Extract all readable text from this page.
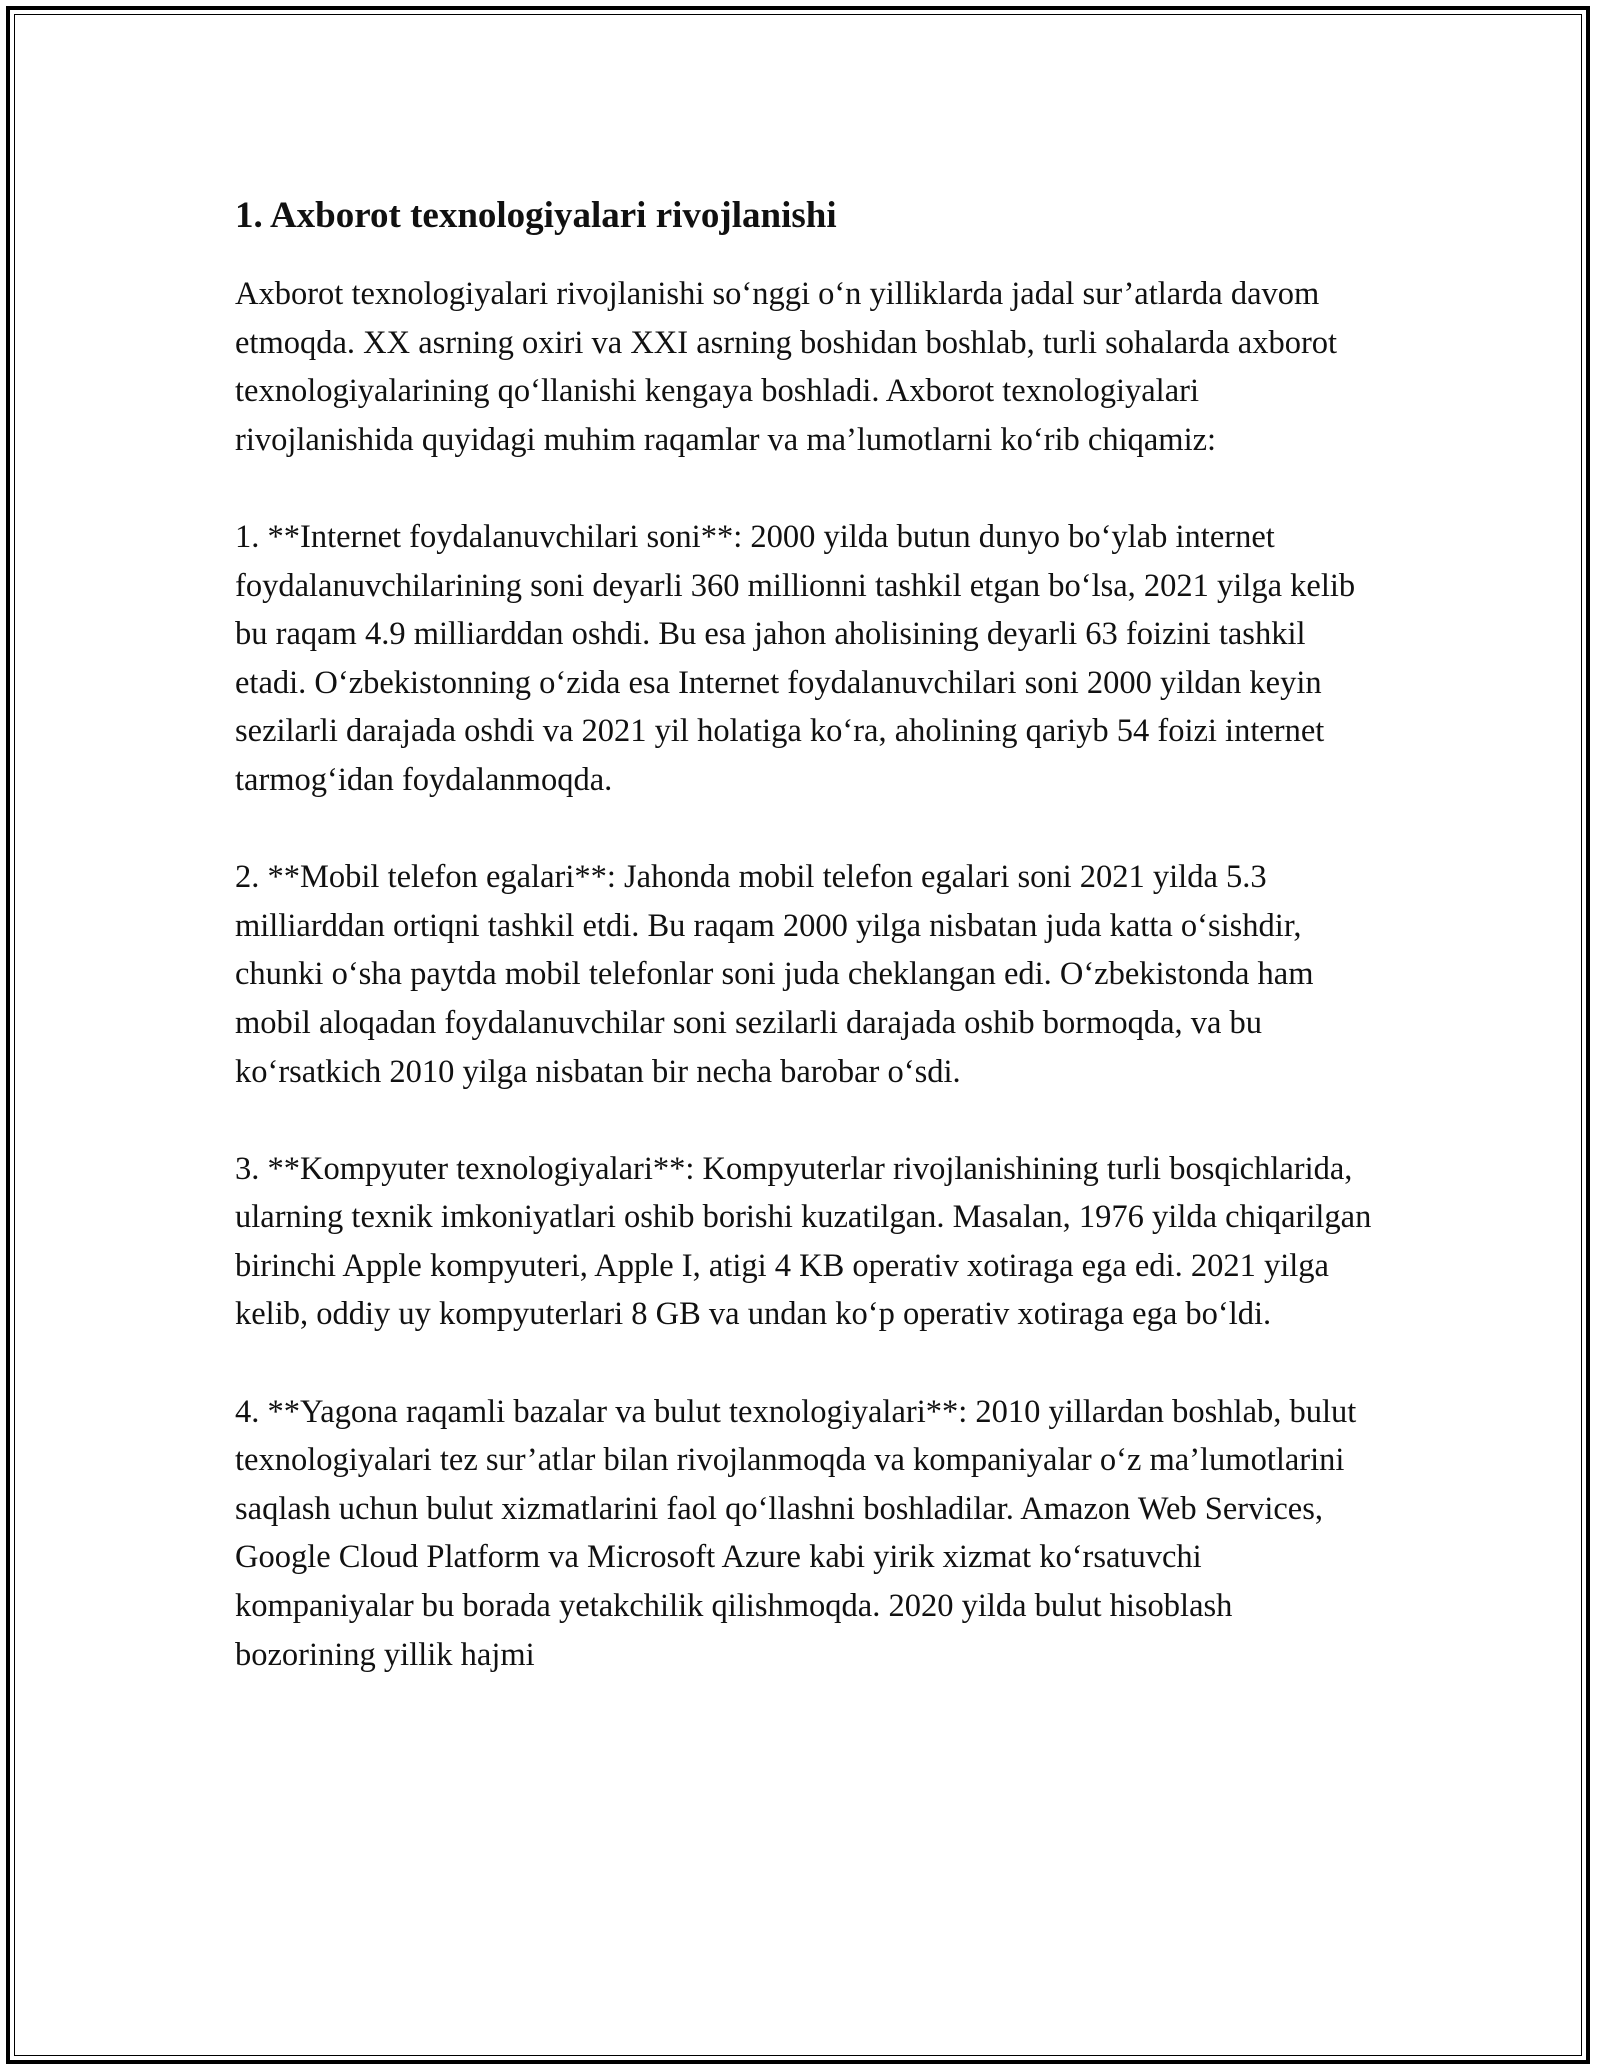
1. Axborot texnologiyalari rivojlanishi

Axborot texnologiyalari rivojlanishi so‘nggi o‘n yilliklarda jadal sur’atlarda davom etmoqda. XX asrning oxiri va XXI asrning boshidan boshlab, turli sohalarda axborot texnologiyalarining qo‘llanishi kengaya boshladi. Axborot texnologiyalari rivojlanishida quyidagi muhim raqamlar va ma’lumotlarni ko‘rib chiqamiz:

1. **Internet foydalanuvchilari soni**: 2000 yilda butun dunyo bo‘ylab internet foydalanuvchilarining soni deyarli 360 millionni tashkil etgan bo‘lsa, 2021 yilga kelib bu raqam 4.9 milliarddan oshdi. Bu esa jahon aholisining deyarli 63 foizini tashkil etadi. O‘zbekistonning o‘zida esa Internet foydalanuvchilari soni 2000 yildan keyin sezilarli darajada oshdi va 2021 yil holatiga ko‘ra, aholining qariyb 54 foizi internet tarmog‘idan foydalanmoqda.

2. **Mobil telefon egalari**: Jahonda mobil telefon egalari soni 2021 yilda 5.3 milliarddan ortiqni tashkil etdi. Bu raqam 2000 yilga nisbatan juda katta o‘sishdir, chunki o‘sha paytda mobil telefonlar soni juda cheklangan edi. O‘zbekistonda ham mobil aloqadan foydalanuvchilar soni sezilarli darajada oshib bormoqda, va bu ko‘rsatkich 2010 yilga nisbatan bir necha barobar o‘sdi.

3. **Kompyuter texnologiyalari**: Kompyuterlar rivojlanishining turli bosqichlarida, ularning texnik imkoniyatlari oshib borishi kuzatilgan. Masalan, 1976 yilda chiqarilgan birinchi Apple kompyuteri, Apple I, atigi 4 KB operativ xotiraga ega edi. 2021 yilga kelib, oddiy uy kompyuterlari 8 GB va undan ko‘p operativ xotiraga ega bo‘ldi.

4. **Yagona raqamli bazalar va bulut texnologiyalari**: 2010 yillardan boshlab, bulut texnologiyalari tez sur’atlar bilan rivojlanmoqda va kompaniyalar o‘z ma’lumotlarini saqlash uchun bulut xizmatlarini faol qo‘llashni boshladilar. Amazon Web Services, Google Cloud Platform va Microsoft Azure kabi yirik xizmat ko‘rsatuvchi kompaniyalar bu borada yetakchilik qilishmoqda. 2020 yilda bulut hisoblash bozorining yillik hajmi
